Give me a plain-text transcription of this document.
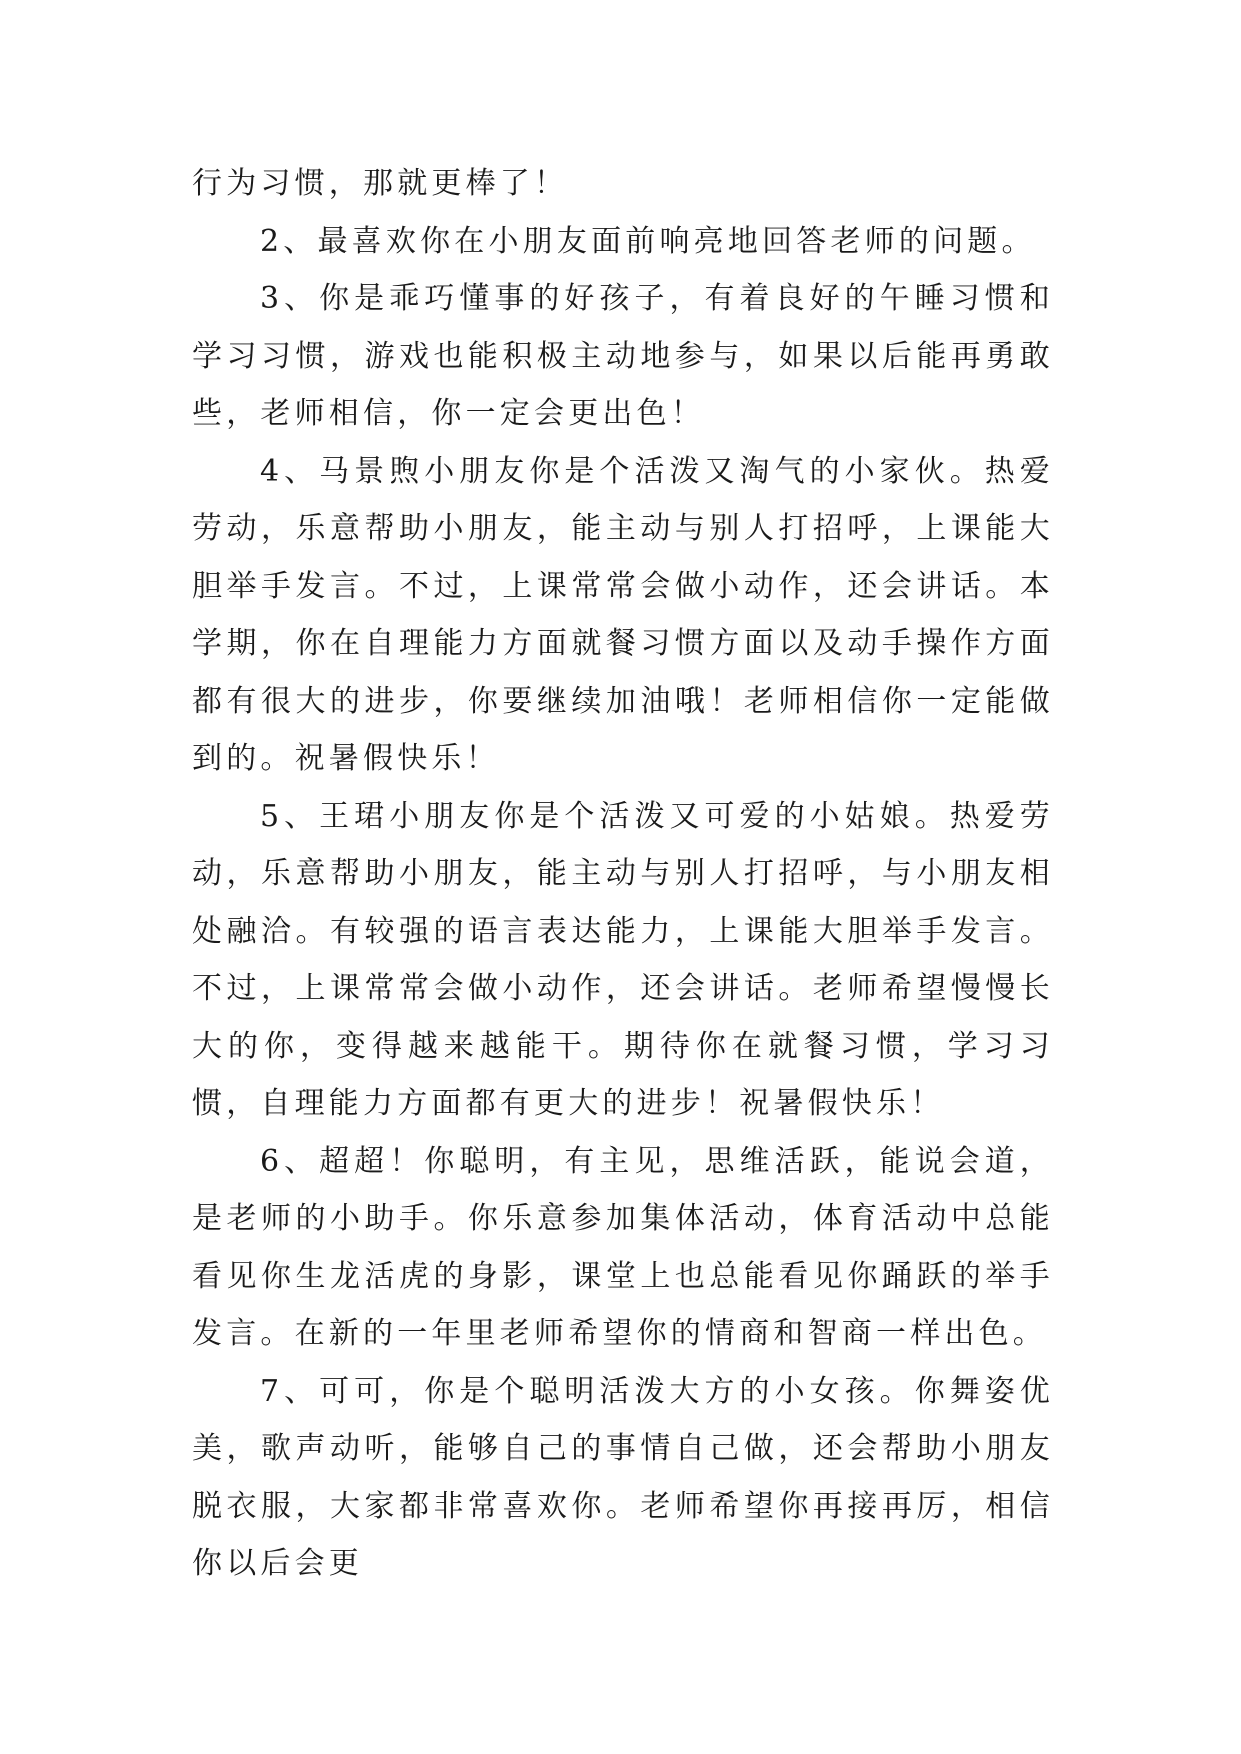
行为习惯，那就更棒了！

2、最喜欢你在小朋友面前响亮地回答老师的问题。

3、你是乖巧懂事的好孩子，有着良好的午睡习惯和学习习惯，游戏也能积极主动地参与，如果以后能再勇敢些，老师相信，你一定会更出色！

4、马景煦小朋友你是个活泼又淘气的小家伙。热爱劳动，乐意帮助小朋友，能主动与别人打招呼，上课能大胆举手发言。不过，上课常常会做小动作，还会讲话。本学期，你在自理能力方面就餐习惯方面以及动手操作方面都有很大的进步，你要继续加油哦！老师相信你一定能做到的。祝暑假快乐！

5、王珺小朋友你是个活泼又可爱的小姑娘。热爱劳动，乐意帮助小朋友，能主动与别人打招呼，与小朋友相处融洽。有较强的语言表达能力，上课能大胆举手发言。不过，上课常常会做小动作，还会讲话。老师希望慢慢长大的你，变得越来越能干。期待你在就餐习惯，学习习惯，自理能力方面都有更大的进步！祝暑假快乐！

6、超超！你聪明，有主见，思维活跃，能说会道，是老师的小助手。你乐意参加集体活动，体育活动中总能看见你生龙活虎的身影，课堂上也总能看见你踊跃的举手发言。在新的一年里老师希望你的情商和智商一样出色。

7、可可，你是个聪明活泼大方的小女孩。你舞姿优美，歌声动听，能够自己的事情自己做，还会帮助小朋友脱衣服，大家都非常喜欢你。老师希望你再接再厉，相信你以后会更
